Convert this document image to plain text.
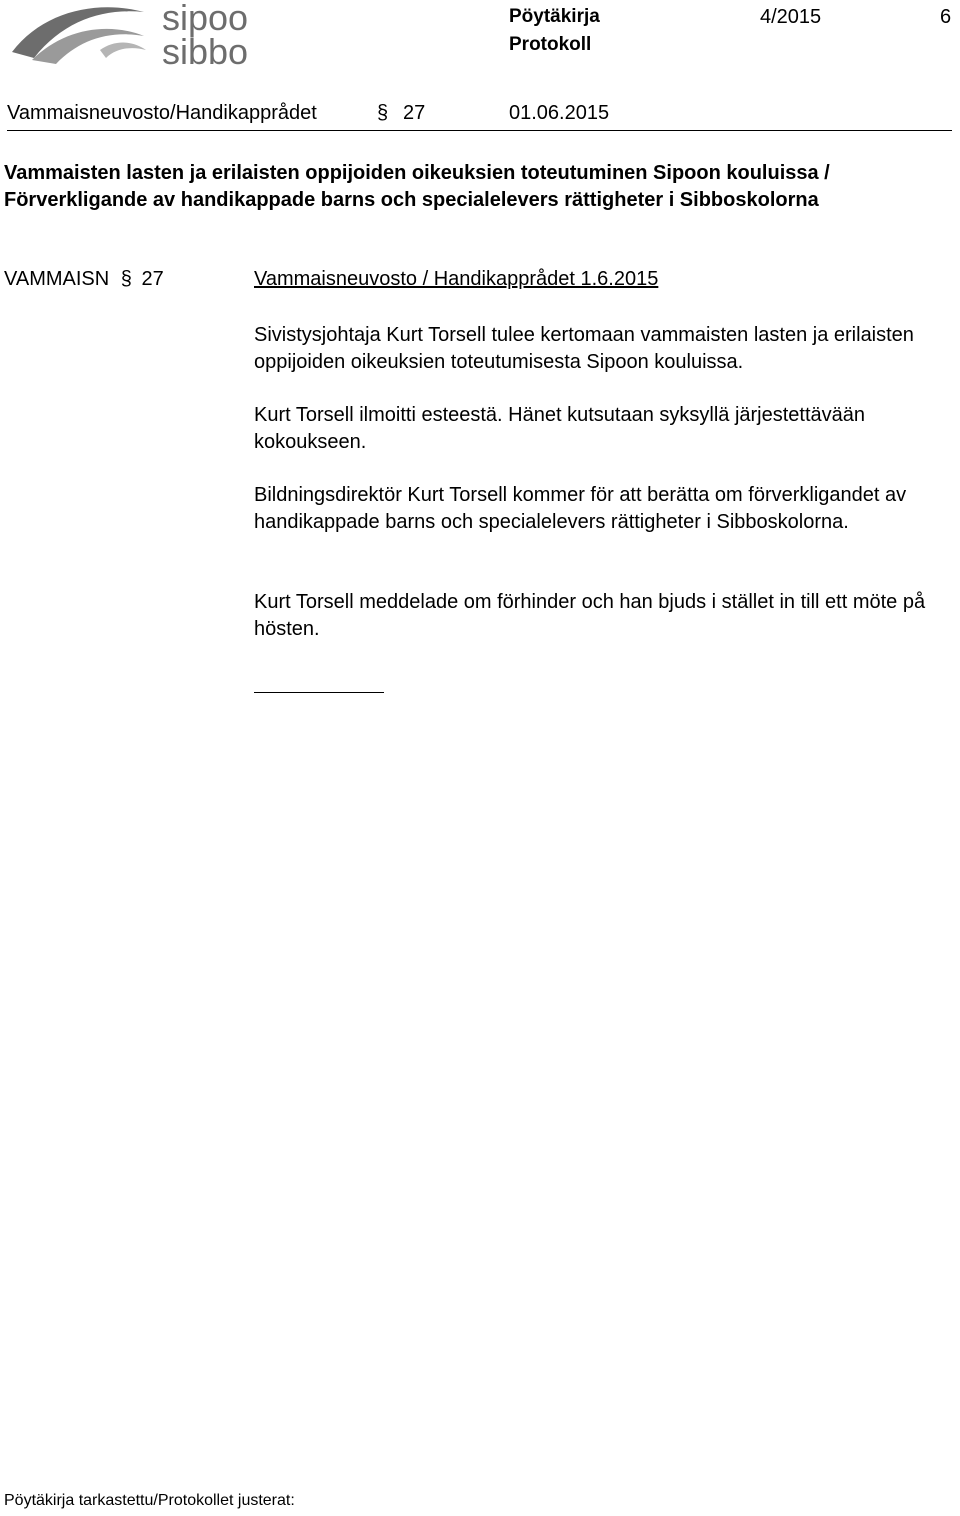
sipoo
sibbo
Pöytäkirja
Protokoll
4/2015	6
Vammaisneuvosto/Handikapprådet	§ 27	01.06.2015
Vammaisten lasten ja erilaisten oppijoiden oikeuksien toteutuminen Sipoon kouluissa / Förverkligande av handikappade barns och specialelevers rättigheter i Sibboskolorna
VAMMAISN § 27	Vammaisneuvosto / Handikapprådet 1.6.2015
Sivistysjohtaja Kurt Torsell tulee kertomaan vammaisten lasten ja erilaisten oppijoiden oikeuksien toteutumisesta Sipoon kouluissa.
Kurt Torsell ilmoitti esteestä. Hänet kutsutaan syksyllä järjestettävään kokoukseen.
Bildningsdirektör Kurt Torsell kommer för att berätta om förverkligandet av handikappade barns och specialelevers rättigheter i Sibboskolorna.
Kurt Torsell meddelade om förhinder och han bjuds i stället in till ett möte på hösten.
Pöytäkirja tarkastettu/Protokollet justerat:
